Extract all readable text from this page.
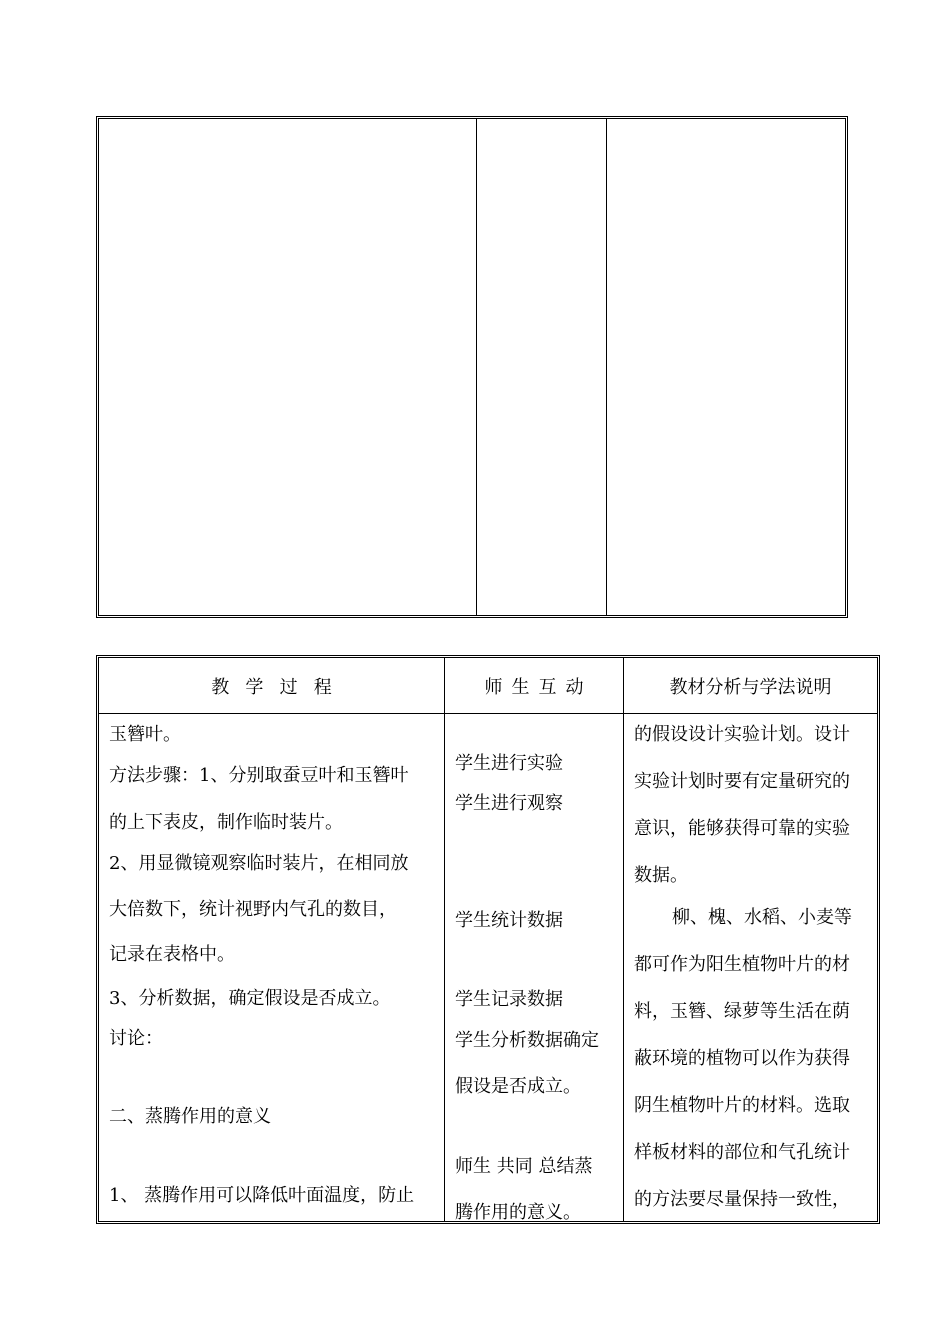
教学过程	师生互动	教材分析与学法说明

玉簪叶。

方法步骤：1、分别取蚕豆叶和玉簪叶

的上下表皮，制作临时装片。

2、用显微镜观察临时装片，在相同放

大倍数下，统计视野内气孔的数目，

记录在表格中。

3、分析数据，确定假设是否成立。

讨论：

二、蒸腾作用的意义

1、 蒸腾作用可以降低叶面温度，防止

学生进行实验

学生进行观察

学生统计数据

学生记录数据

学生分析数据确定

假设是否成立。

师生 共同 总结蒸

腾作用的意义。

的假设设计实验计划。设计

实验计划时要有定量研究的

意识，能够获得可靠的实验

数据。

柳、槐、水稻、小麦等

都可作为阳生植物叶片的材

料，玉簪、绿萝等生活在荫

蔽环境的植物可以作为获得

阴生植物叶片的材料。选取

样板材料的部位和气孔统计

的方法要尽量保持一致性，
